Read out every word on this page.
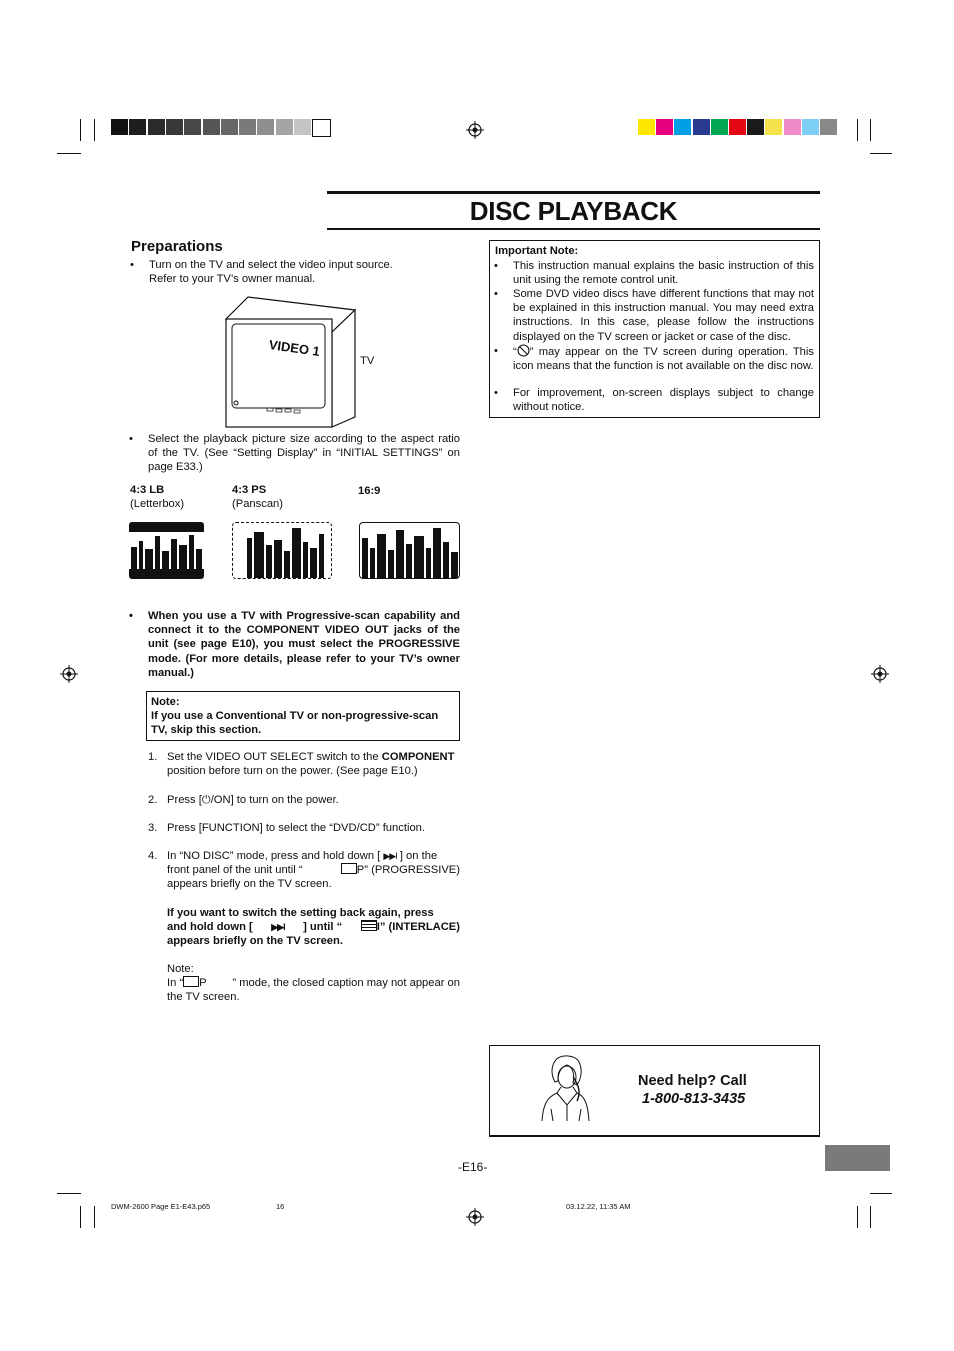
DISC PLAYBACK
Preparations
• Turn on the TV and select the video input source.
Refer to your TV’s owner manual.
VIDEO 1
TV
• Select the playback picture size according to the aspect ratio of the TV. (See “Setting Display” in “INITIAL SETTINGS” on page E33.)
4:3 LB
(Letterbox)
4:3 PS
(Panscan)
16:9
• When you use a TV with Progressive-scan capability and connect it to the COMPONENT VIDEO OUT jacks of the unit (see page E10), you must select the PROGRESSIVE mode. (For more details, please refer to your TV’s owner manual.)
Note:
If you use a Conventional TV or non-progressive-scan TV, skip this section.
1. Set the VIDEO OUT SELECT switch to the COMPONENT
position before turn on the power. (See page E10.)
2. Press [⏻/ON] to turn on the power.
3. Press [FUNCTION] to select the “DVD/CD” function.
4. In “NO DISC” mode, press and hold down [ ▶▶I ] on the
front panel of the unit until “	P” (PROGRESSIVE)
appears briefly on the TV screen.
If you want to switch the setting back again, press
and hold down [ ▶▶I ] until “	I” (INTERLACE)
appears briefly on the TV screen.
Note:
In “ P ” mode, the closed caption may not appear on
the TV screen.
Important Note:
• This instruction manual explains the basic instruction of this unit using the remote control unit.
• Some DVD video discs have different functions that may not be explained in this instruction manual. You may need extra instructions. In this case, please follow the instructions displayed on the TV screen or jacket or case of the disc.
• “ ” may appear on the TV screen during operation. This icon means that the function is not available on the disc now.
• For improvement, on-screen displays subject to change without notice.
Need help? Call
1-800-813-3435
-E16-
DWM-2600 Page E1-E43.p65	16	03.12.22, 11:35 AM
